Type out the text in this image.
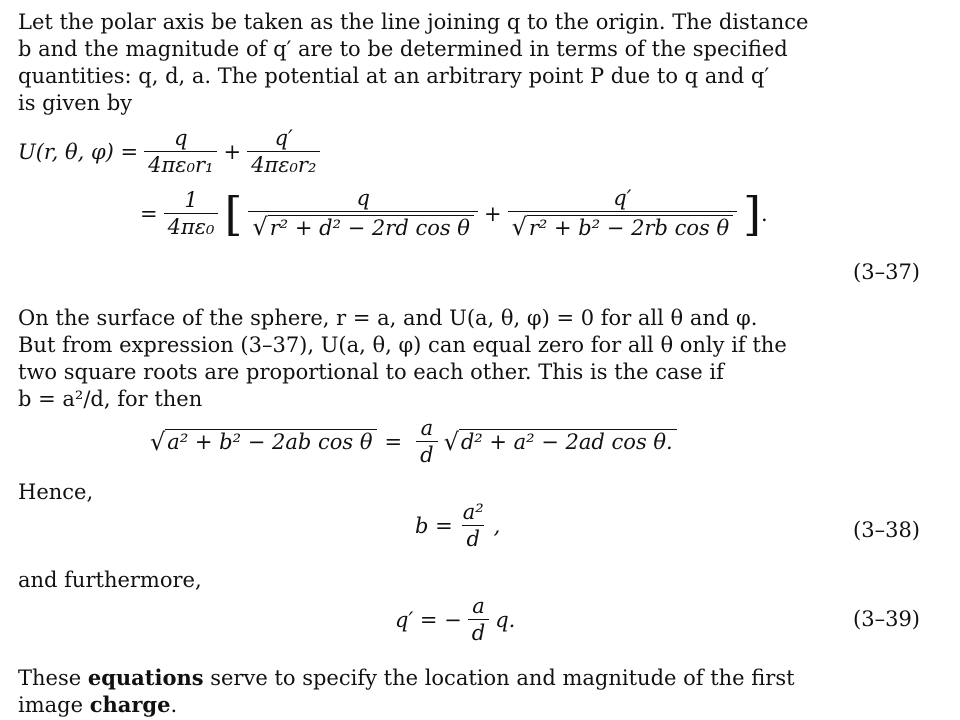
Let the polar axis be taken as the line joining q to the origin. The distance
b and the magnitude of q′ are to be determined in terms of the specified
quantities: q, d, a. The potential at an arbitrary point P due to q and q′
is given by
U(r, θ, $\varphi) = \frac{q}{\text{4πε₀r₁}} + \frac{q'}{\text{4πε₀r₂}}$
= $\frac{1}{\text{4πε₀}}$ [ $\frac{q}{\text{√r² + d² − 2rd cos θ}} + \frac{q'}{\text{√r² + b² − 2rb cos θ}}$ ] .
(3–37)
On the surface of the sphere, r = a, and U(a, θ, φ) = 0 for all θ and φ.
But from expression (3–37), U(a, θ, φ) can equal zero for all θ only if the
two square roots are proportional to each other. This is the case if
b = a²/d, for then
√ a² + b² − 2ab $\cos \theta = \frac{a}{d}$ √ d² + a² − 2ad cos θ.
Hence,
$b = \frac{\text{a²}}{d}$ ,	(3–38)
and furthermore,
q′ = − $\frac{a}{d} q$.	(3–39)
These equations serve to specify the location and magnitude of the first
image charge.
